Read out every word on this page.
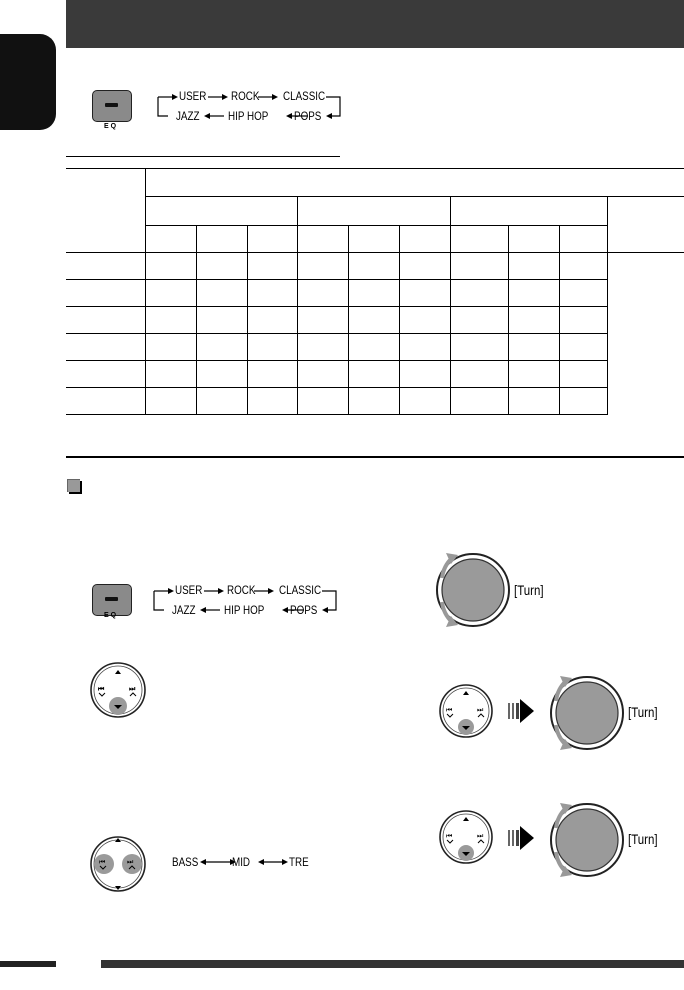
EQ
USER ROCK CLASSIC
JAZZ HIP HOP POPS

EQ
USER ROCK CLASSIC
JAZZ HIP HOP POPS
[Turn]
⏮	⏭
⏮	⏭	[Turn]
⏮	⏭	[Turn]
⏮	⏭	BASS	MID	TRE
